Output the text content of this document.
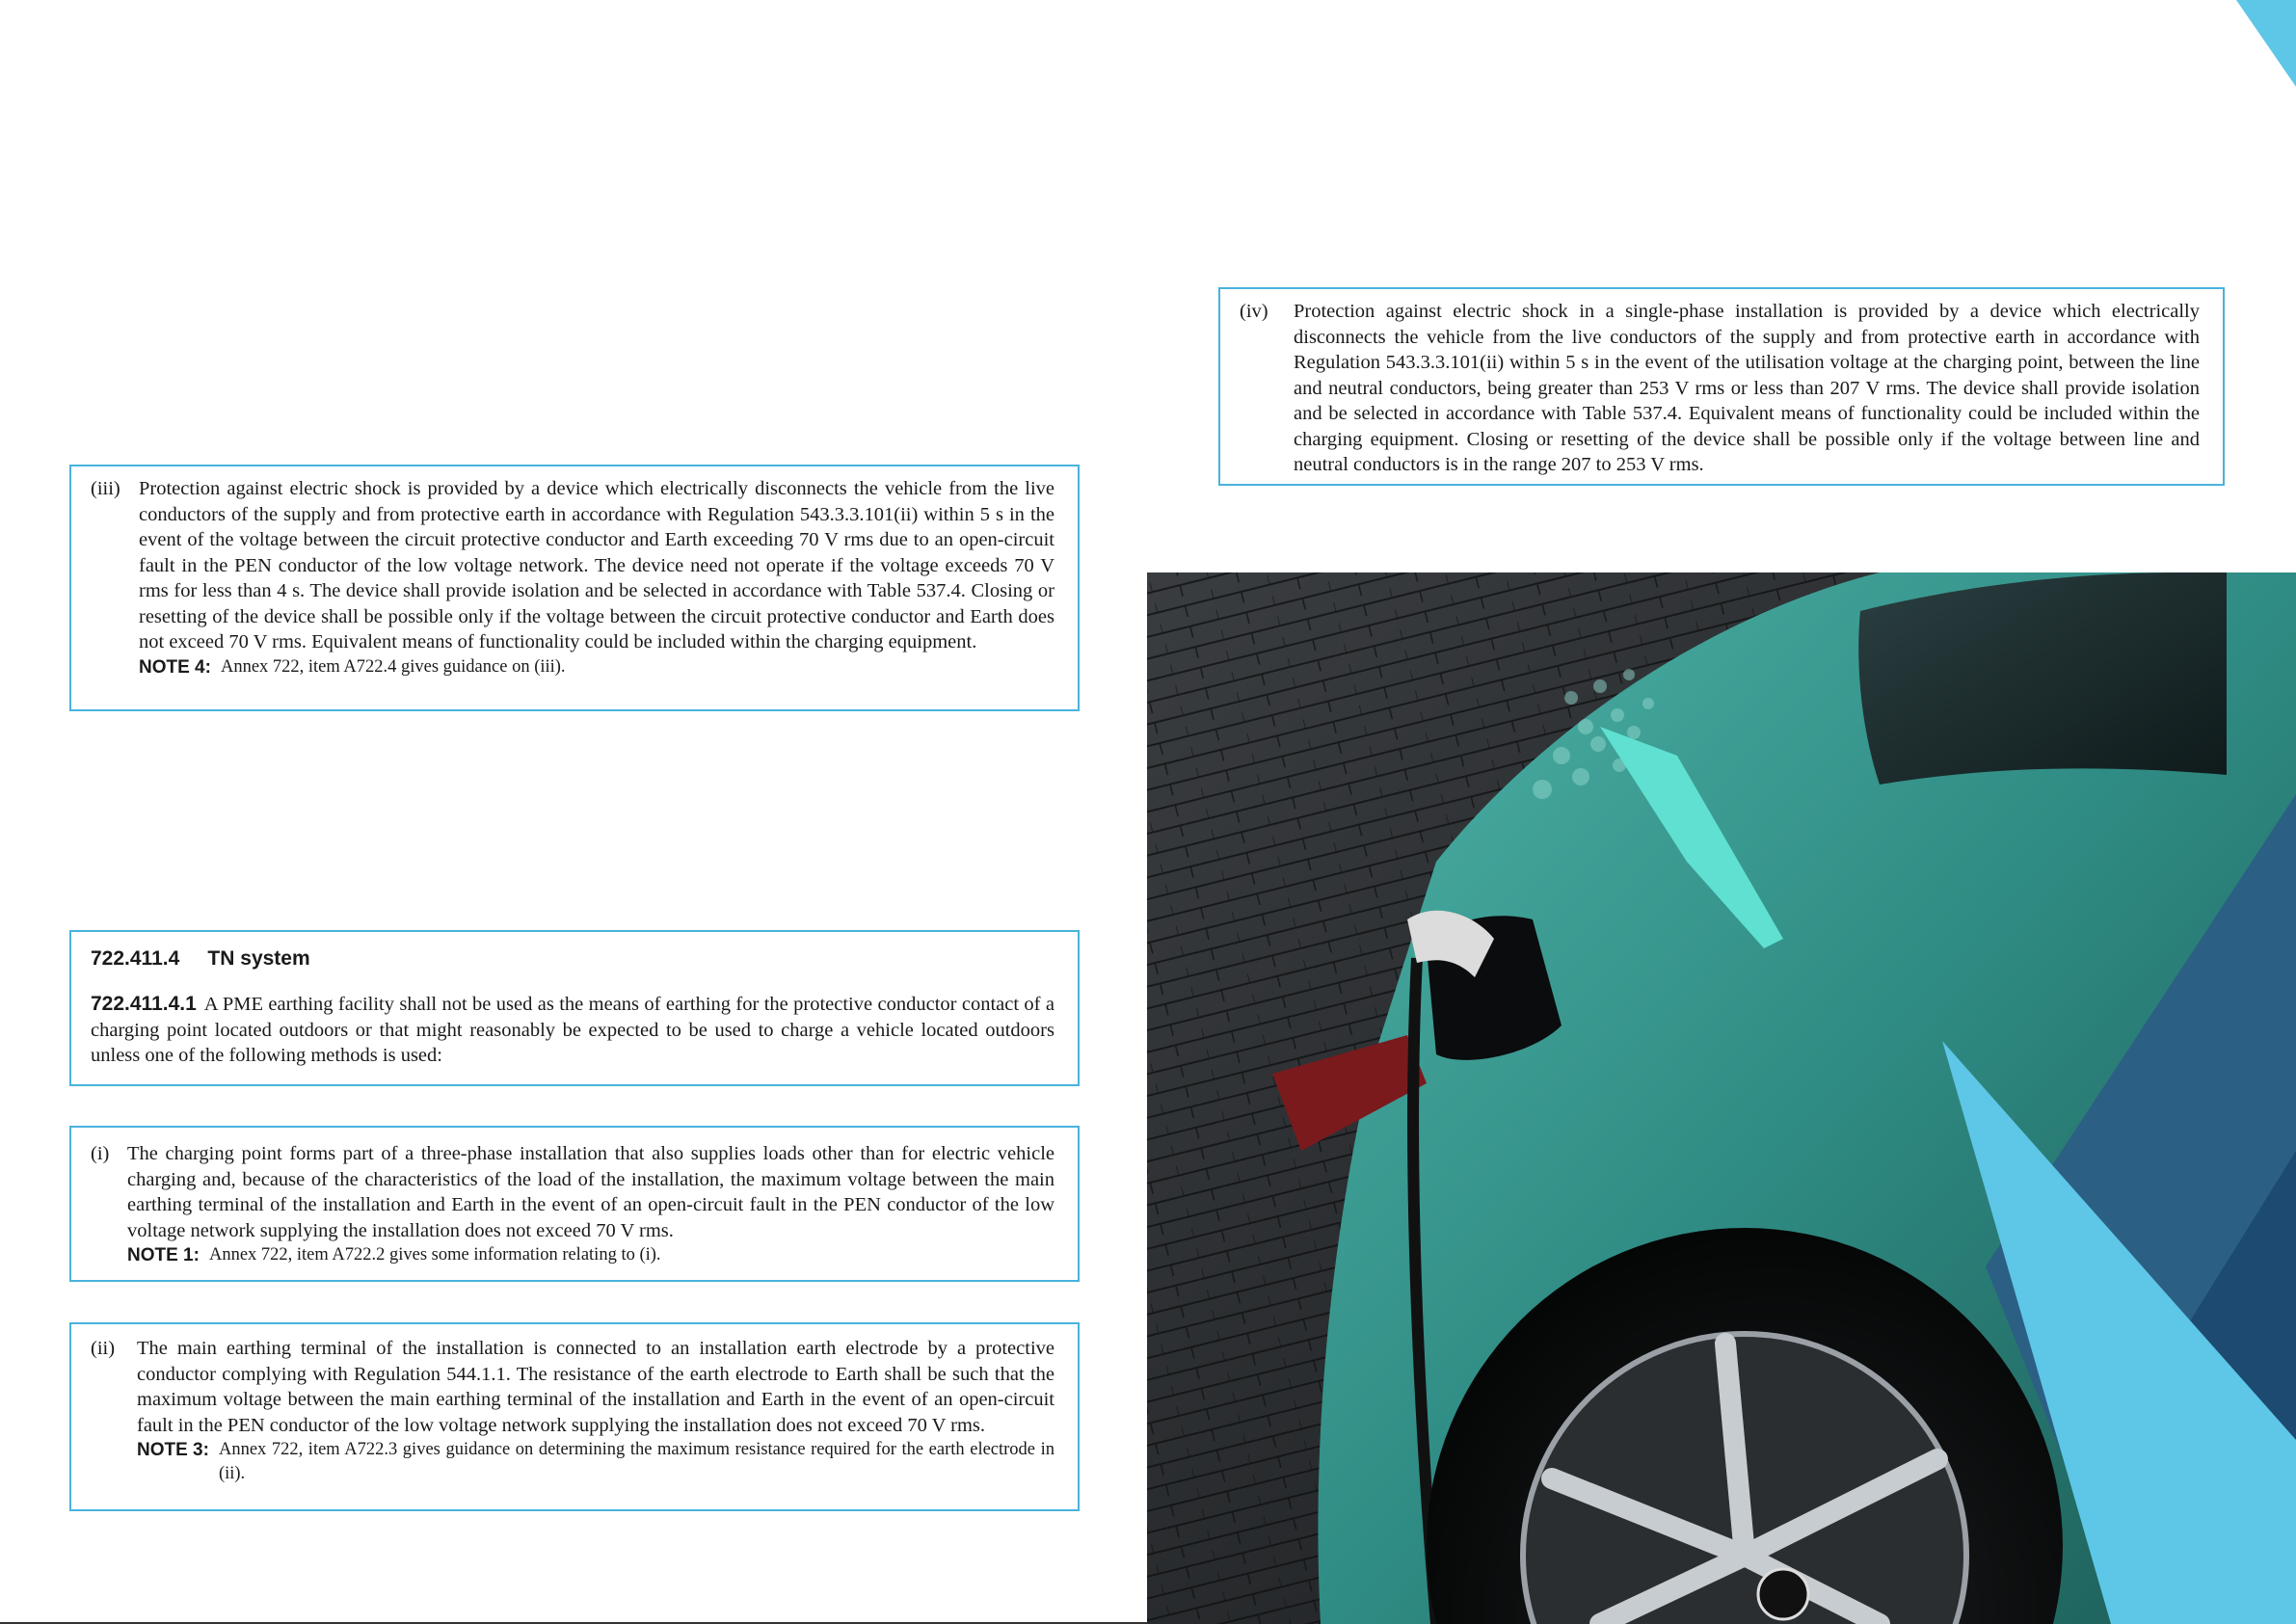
(iii) Protection against electric shock is provided by a device which electrically disconnects the vehicle from the live conductors of the supply and from protective earth in accordance with Regulation 543.3.3.101(ii) within 5 s in the event of the voltage between the circuit protective conductor and Earth exceeding 70 V rms due to an open-circuit fault in the PEN conductor of the low voltage network. The device need not operate if the voltage exceeds 70 V rms for less than 4 s. The device shall provide isolation and be selected in accordance with Table 537.4. Closing or resetting of the device shall be possible only if the voltage between the circuit protective conductor and Earth does not exceed 70 V rms. Equivalent means of functionality could be included within the charging equipment.
NOTE 4: Annex 722, item A722.4 gives guidance on (iii).
722.411.4     TN system
722.411.4.1 A PME earthing facility shall not be used as the means of earthing for the protective conductor contact of a charging point located outdoors or that might reasonably be expected to be used to charge a vehicle located outdoors unless one of the following methods is used:
(i) The charging point forms part of a three-phase installation that also supplies loads other than for electric vehicle charging and, because of the characteristics of the load of the installation, the maximum voltage between the main earthing terminal of the installation and Earth in the event of an open-circuit fault in the PEN conductor of the low voltage network supplying the installation does not exceed 70 V rms.
NOTE 1: Annex 722, item A722.2 gives some information relating to (i).
(ii)	The main earthing terminal of the installation is connected to an installation earth electrode by a protective conductor complying with Regulation 544.1.1. The resistance of the earth electrode to Earth shall be such that the maximum voltage between the main earthing terminal of the installation and Earth in the event of an open-circuit fault in the PEN conductor of the low voltage network supplying the installation does not exceed 70 V rms.
NOTE 3: Annex 722, item A722.3 gives guidance on determining the maximum resistance required for the earth electrode in (ii).
(iv)	Protection against electric shock in a single-phase installation is provided by a device which electrically disconnects the vehicle from the live conductors of the supply and from protective earth in accordance with Regulation 543.3.3.101(ii) within 5 s in the event of the utilisation voltage at the charging point, between the line and neutral conductors, being greater than 253 V rms or less than 207 V rms. The device shall provide isolation and be selected in accordance with Table 537.4. Equivalent means of functionality could be included within the charging equipment. Closing or resetting of the device shall be possible only if the voltage between line and neutral conductors is in the range 207 to 253 V rms.
